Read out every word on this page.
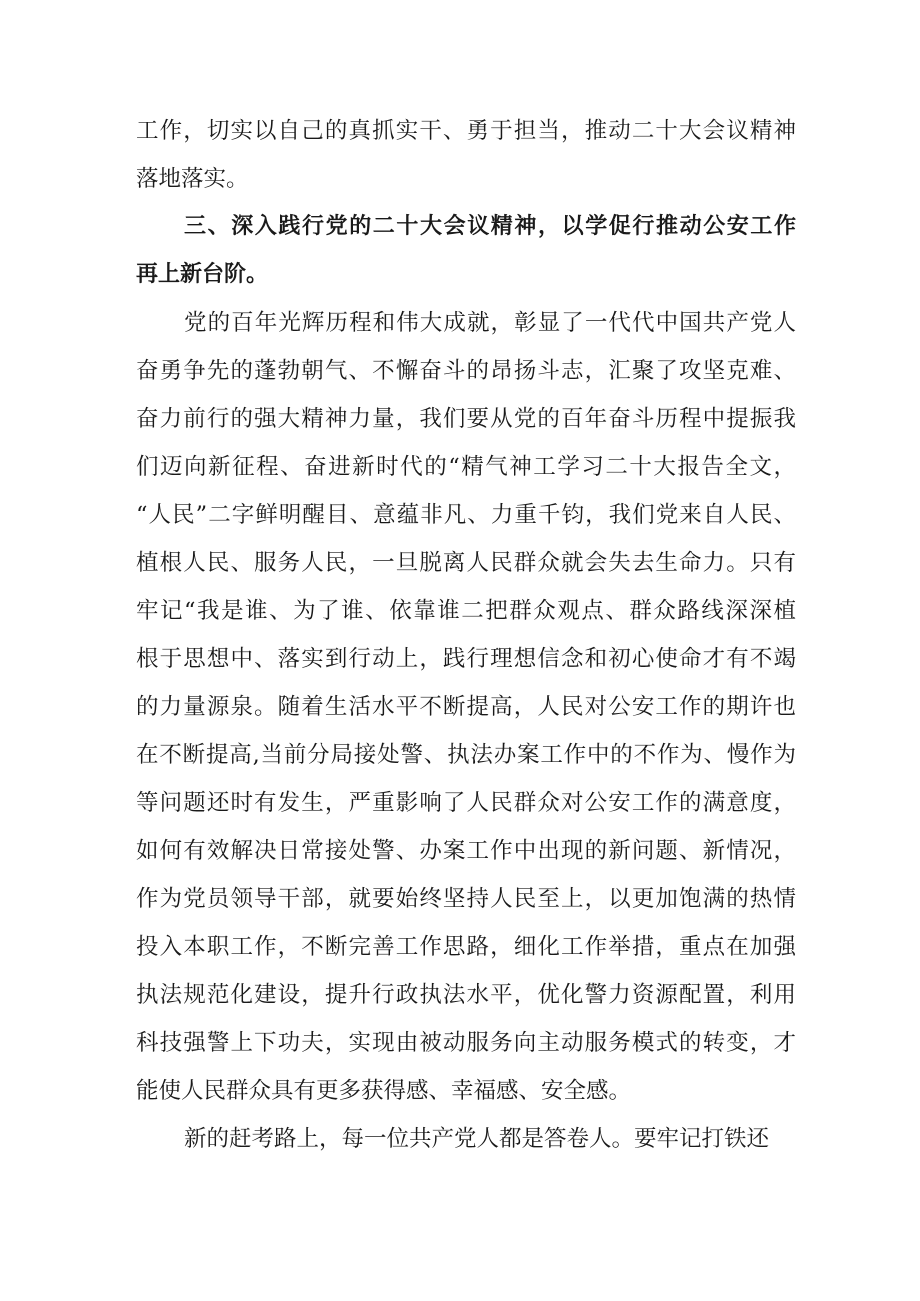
工作，切实以自己的真抓实干、勇于担当，推动二十大会议精神
落地落实。
三、深入践行党的二十大会议精神，以学促行推动公安工作
再上新台阶。
党的百年光辉历程和伟大成就，彰显了一代代中国共产党人
奋勇争先的蓬勃朝气、不懈奋斗的昂扬斗志，汇聚了攻坚克难、
奋力前行的强大精神力量，我们要从党的百年奋斗历程中提振我
们迈向新征程、奋进新时代的“精气神工学习二十大报告全文，
“人民”二字鲜明醒目、意蕴非凡、力重千钧，我们党来自人民、
植根人民、服务人民，一旦脱离人民群众就会失去生命力。只有
牢记“我是谁、为了谁、依靠谁二把群众观点、群众路线深深植
根于思想中、落实到行动上，践行理想信念和初心使命才有不竭
的力量源泉。随着生活水平不断提高，人民对公安工作的期许也
在不断提高,当前分局接处警、执法办案工作中的不作为、慢作为
等问题还时有发生，严重影响了人民群众对公安工作的满意度，
如何有效解决日常接处警、办案工作中出现的新问题、新情况，
作为党员领导干部，就要始终坚持人民至上，以更加饱满的热情
投入本职工作，不断完善工作思路，细化工作举措，重点在加强
执法规范化建设，提升行政执法水平，优化警力资源配置，利用
科技强警上下功夫，实现由被动服务向主动服务模式的转变，才
能使人民群众具有更多获得感、幸福感、安全感。
新的赶考路上，每一位共产党人都是答卷人。要牢记打铁还
